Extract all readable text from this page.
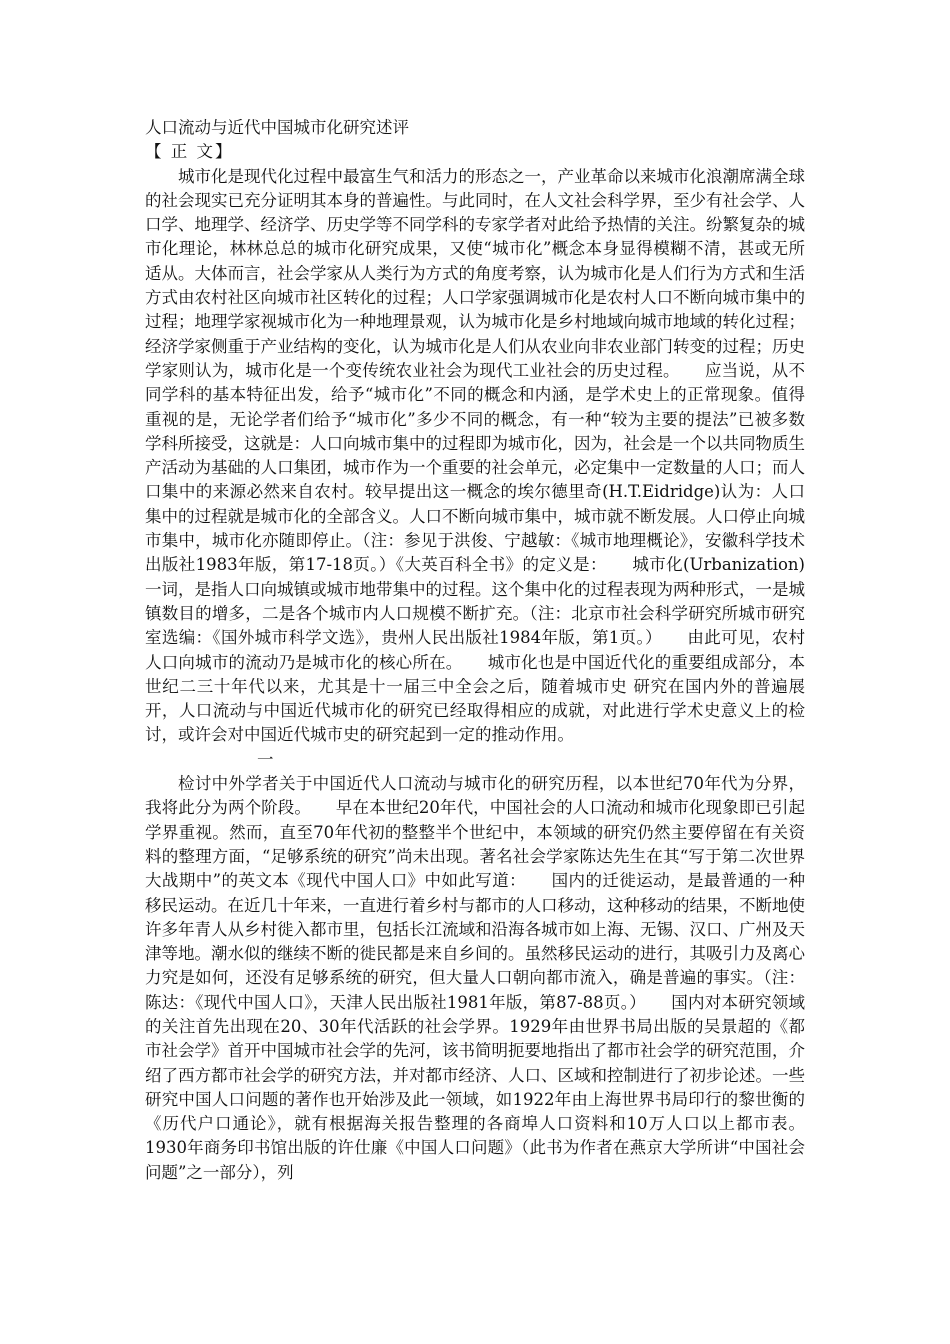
人口流动与近代中国城市化研究述评

【 正 文】

城市化是现代化过程中最富生气和活力的形态之一，产业革命以来城市化浪潮席满全球的社会现实已充分证明其本身的普遍性。与此同时，在人文社会科学界，至少有社会学、人口学、地理学、经济学、历史学等不同学科的专家学者对此给予热情的关注。纷繁复杂的城市化理论，林林总总的城市化研究成果，又使“城市化”概念本身显得模糊不清，甚或无所适从。大体而言，社会学家从人类行为方式的角度考察，认为城市化是人们行为方式和生活方式由农村社区向城市社区转化的过程；人口学家强调城市化是农村人口不断向城市集中的过程；地理学家视城市化为一种地理景观，认为城市化是乡村地域向城市地域的转化过程；经济学家侧重于产业结构的变化，认为城市化是人们从农业向非农业部门转变的过程；历史学家则认为，城市化是一个变传统农业社会为现代工业社会的历史过程。　　应当说，从不同学科的基本特征出发，给予“城市化”不同的概念和内涵，是学术史上的正常现象。值得重视的是，无论学者们给予“城市化”多少不同的概念，有一种“较为主要的提法”已被多数学科所接受，这就是：人口向城市集中的过程即为城市化，因为，社会是一个以共同物质生产活动为基础的人口集团，城市作为一个重要的社会单元，必定集中一定数量的人口；而人口集中的来源必然来自农村。较早提出这一概念的埃尔德里奇(H.T.Eidridge)认为：人口集中的过程就是城市化的全部含义。人口不断向城市集中，城市就不断发展。人口停止向城市集中，城市化亦随即停止。（注：参见于洪俊、宁越敏：《城市地理概论》，安徽科学技术出版社1983年版，第17-18页。）《大英百科全书》的定义是：　　城市化(Urbanization)一词，是指人口向城镇或城市地带集中的过程。这个集中化的过程表现为两种形式，一是城镇数目的增多，二是各个城市内人口规模不断扩充。（注：北京市社会科学研究所城市研究室选编：《国外城市科学文选》，贵州人民出版社1984年版，第1页。）　　由此可见，农村人口向城市的流动乃是城市化的核心所在。　　城市化也是中国近代化的重要组成部分，本世纪二三十年代以来，尤其是十一届三中全会之后，随着城市史 研究在国内外的普遍展开，人口流动与中国近代城市化的研究已经取得相应的成就，对此进行学术史意义上的检讨，或许会对中国近代城市史的研究起到一定的推动作用。

一

检讨中外学者关于中国近代人口流动与城市化的研究历程，以本世纪70年代为分界，我将此分为两个阶段。　　早在本世纪20年代，中国社会的人口流动和城市化现象即已引起学界重视。然而，直至70年代初的整整半个世纪中，本领域的研究仍然主要停留在有关资料的整理方面，“足够系统的研究”尚未出现。著名社会学家陈达先生在其“写于第二次世界大战期中”的英文本《现代中国人口》中如此写道：　　国内的迁徙运动，是最普通的一种移民运动。在近几十年来，一直进行着乡村与都市的人口移动，这种移动的结果，不断地使许多年青人从乡村徙入都市里，包括长江流域和沿海各城市如上海、无锡、汉口、广州及天津等地。潮水似的继续不断的徙民都是来自乡间的。虽然移民运动的进行，其吸引力及离心力究是如何，还没有足够系统的研究，但大量人口朝向都市流入，确是普遍的事实。（注：陈达：《现代中国人口》，天津人民出版社1981年版，第87-88页。）　　国内对本研究领域的关注首先出现在20、30年代活跃的社会学界。1929年由世界书局出版的吴景超的《都市社会学》首开中国城市社会学的先河，该书简明扼要地指出了都市社会学的研究范围，介绍了西方都市社会学的研究方法，并对都市经济、人口、区域和控制进行了初步论述。一些研究中国人口问题的著作也开始涉及此一领域，如1922年由上海世界书局印行的黎世衡的《历代户口通论》，就有根据海关报告整理的各商埠人口资料和10万人口以上都市表。1930年商务印书馆出版的许仕廉《中国人口问题》（此书为作者在燕京大学所讲“中国社会问题”之一部分），列
